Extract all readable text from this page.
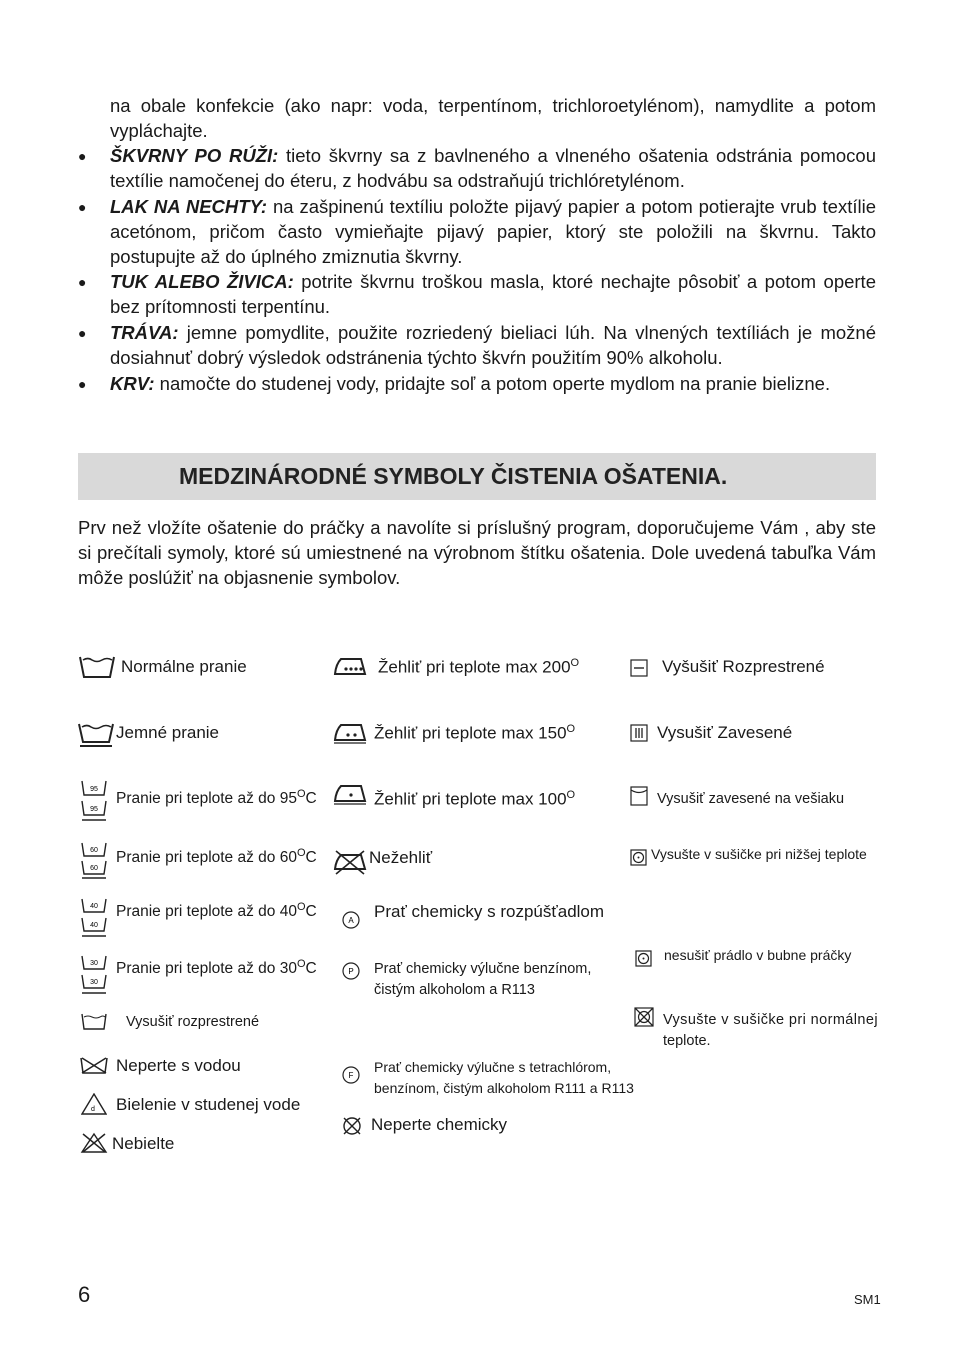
na obale konfekcie (ako napr: voda, terpentínom, trichloroetylénom), namydlite a potom vypláchajte.
● ŠKVRNY PO RÚŽI: tieto škvrny sa z bavlneného a vlneného ošatenia odstránia pomocou textílie namočenej do éteru, z hodvábu sa odstraňujú trichlóretylénom.
● LAK NA NECHTY: na zašpinenú textíliu položte pijavý papier a potom potierajte vrub textílie acetónom, pričom často vymieňajte pijavý papier, ktorý ste položili na škvrnu. Takto postupujte až do úplného zmiznutia škvrny.
● TUK ALEBO ŽIVICA: potrite škvrnu troškou masla, ktoré nechajte pôsobiť a potom operte bez prítomnosti terpentínu.
● TRÁVA: jemne pomydlite, použite rozriedený bieliaci lúh. Na vlnených textíliách je možné dosiahnuť dobrý výsledok odstránenia týchto škvŕn použitím 90% alkoholu.
● KRV: namočte do studenej vody, pridajte soľ a potom operte mydlom na pranie bielizne.
MEDZINÁRODNÉ SYMBOLY ČISTENIA OŠATENIA.
Prv než vložíte ošatenie do práčky a navolíte si príslušný program, doporučujeme Vám , aby ste si prečítali symoly, ktoré sú umiestnené na výrobnom štítku ošatenia. Dole uvedená tabuľka Vám môže poslúžiť na objasnenie symbolov.
Normálne pranie
Jemné pranie
95
95
Pranie pri teplote až do $95^OC$
60
60
Pranie pri teplote až do $60^OC$
40
40
Pranie pri teplote až do $40^OC$
30
30
Pranie pri teplote až do $30^OC$
Vysušiť rozprestrené
Neperte s vodou
d Bielenie v studenej vode
Nebielte
Žehliť pri teplote $\max 200^O$
Žehliť pri teplote $\max 150^O$
Žehliť pri teplote $\max 100^O$
Nežehliť
A Prať chemicky s rozpúšťadlom
P Prať chemicky výlučne benzínom,
čistým alkoholom a R113
F
Prať chemicky výlučne s tetrachlórom,
benzínom, čistým alkoholom R111 a R113
Neperte chemicky
Vyšušiť Rozprestrené
Vysušiť Zavesené
Vysušiť zavesené na vešiaku
Vysušte v sušičke pri nižšej teplote
nesušiť prádlo v bubne práčky
Vysušte v sušičke pri normálnej
teplote.
6	SM1
